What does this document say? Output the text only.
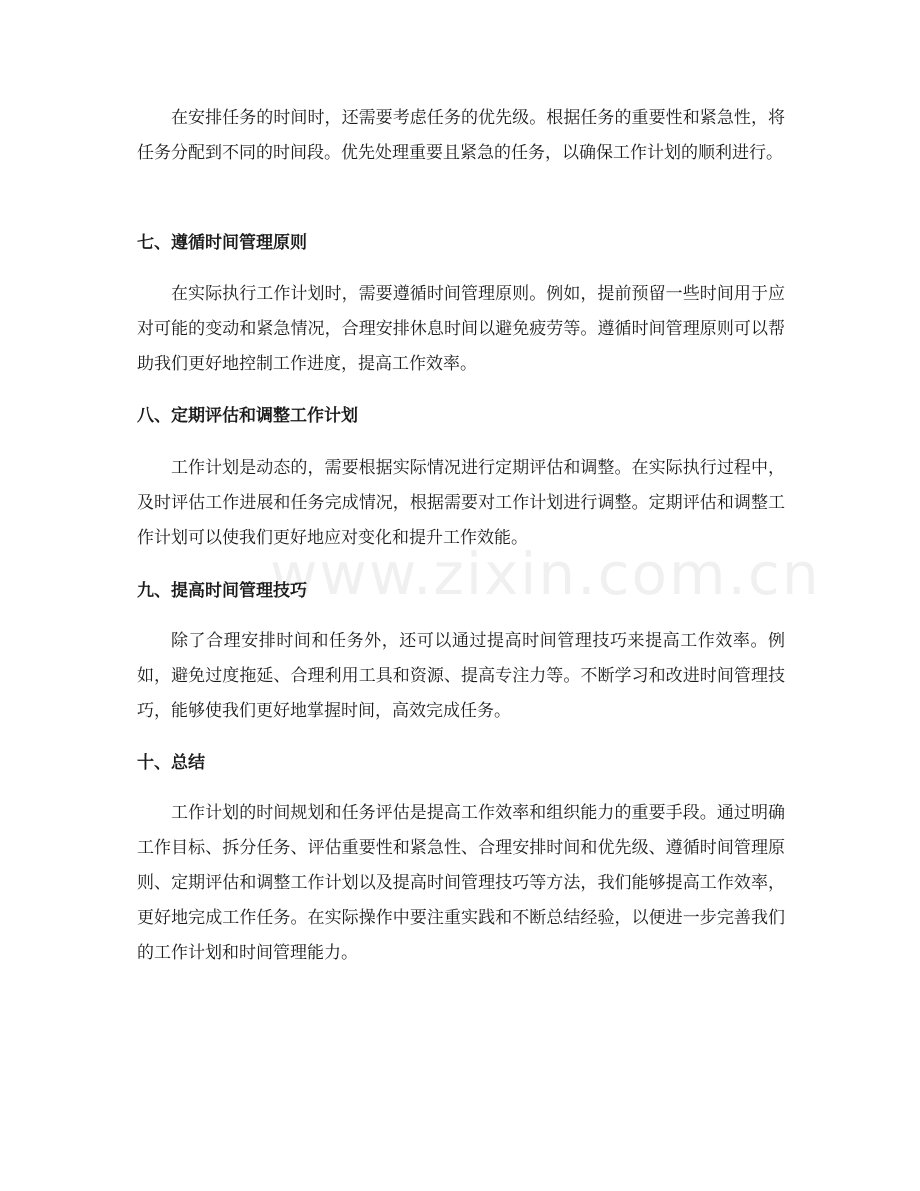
www.zixin.com.cn

在安排任务的时间时，还需要考虑任务的优先级。根据任务的重要性和紧急性，将任务分配到不同的时间段。优先处理重要且紧急的任务，以确保工作计划的顺利进行。

七、遵循时间管理原则

在实际执行工作计划时，需要遵循时间管理原则。例如，提前预留一些时间用于应对可能的变动和紧急情况，合理安排休息时间以避免疲劳等。遵循时间管理原则可以帮助我们更好地控制工作进度，提高工作效率。

八、定期评估和调整工作计划

工作计划是动态的，需要根据实际情况进行定期评估和调整。在实际执行过程中，及时评估工作进展和任务完成情况，根据需要对工作计划进行调整。定期评估和调整工作计划可以使我们更好地应对变化和提升工作效能。

九、提高时间管理技巧

除了合理安排时间和任务外，还可以通过提高时间管理技巧来提高工作效率。例如，避免过度拖延、合理利用工具和资源、提高专注力等。不断学习和改进时间管理技巧，能够使我们更好地掌握时间，高效完成任务。

十、总结

工作计划的时间规划和任务评估是提高工作效率和组织能力的重要手段。通过明确工作目标、拆分任务、评估重要性和紧急性、合理安排时间和优先级、遵循时间管理原则、定期评估和调整工作计划以及提高时间管理技巧等方法，我们能够提高工作效率，更好地完成工作任务。在实际操作中要注重实践和不断总结经验，以便进一步完善我们的工作计划和时间管理能力。
